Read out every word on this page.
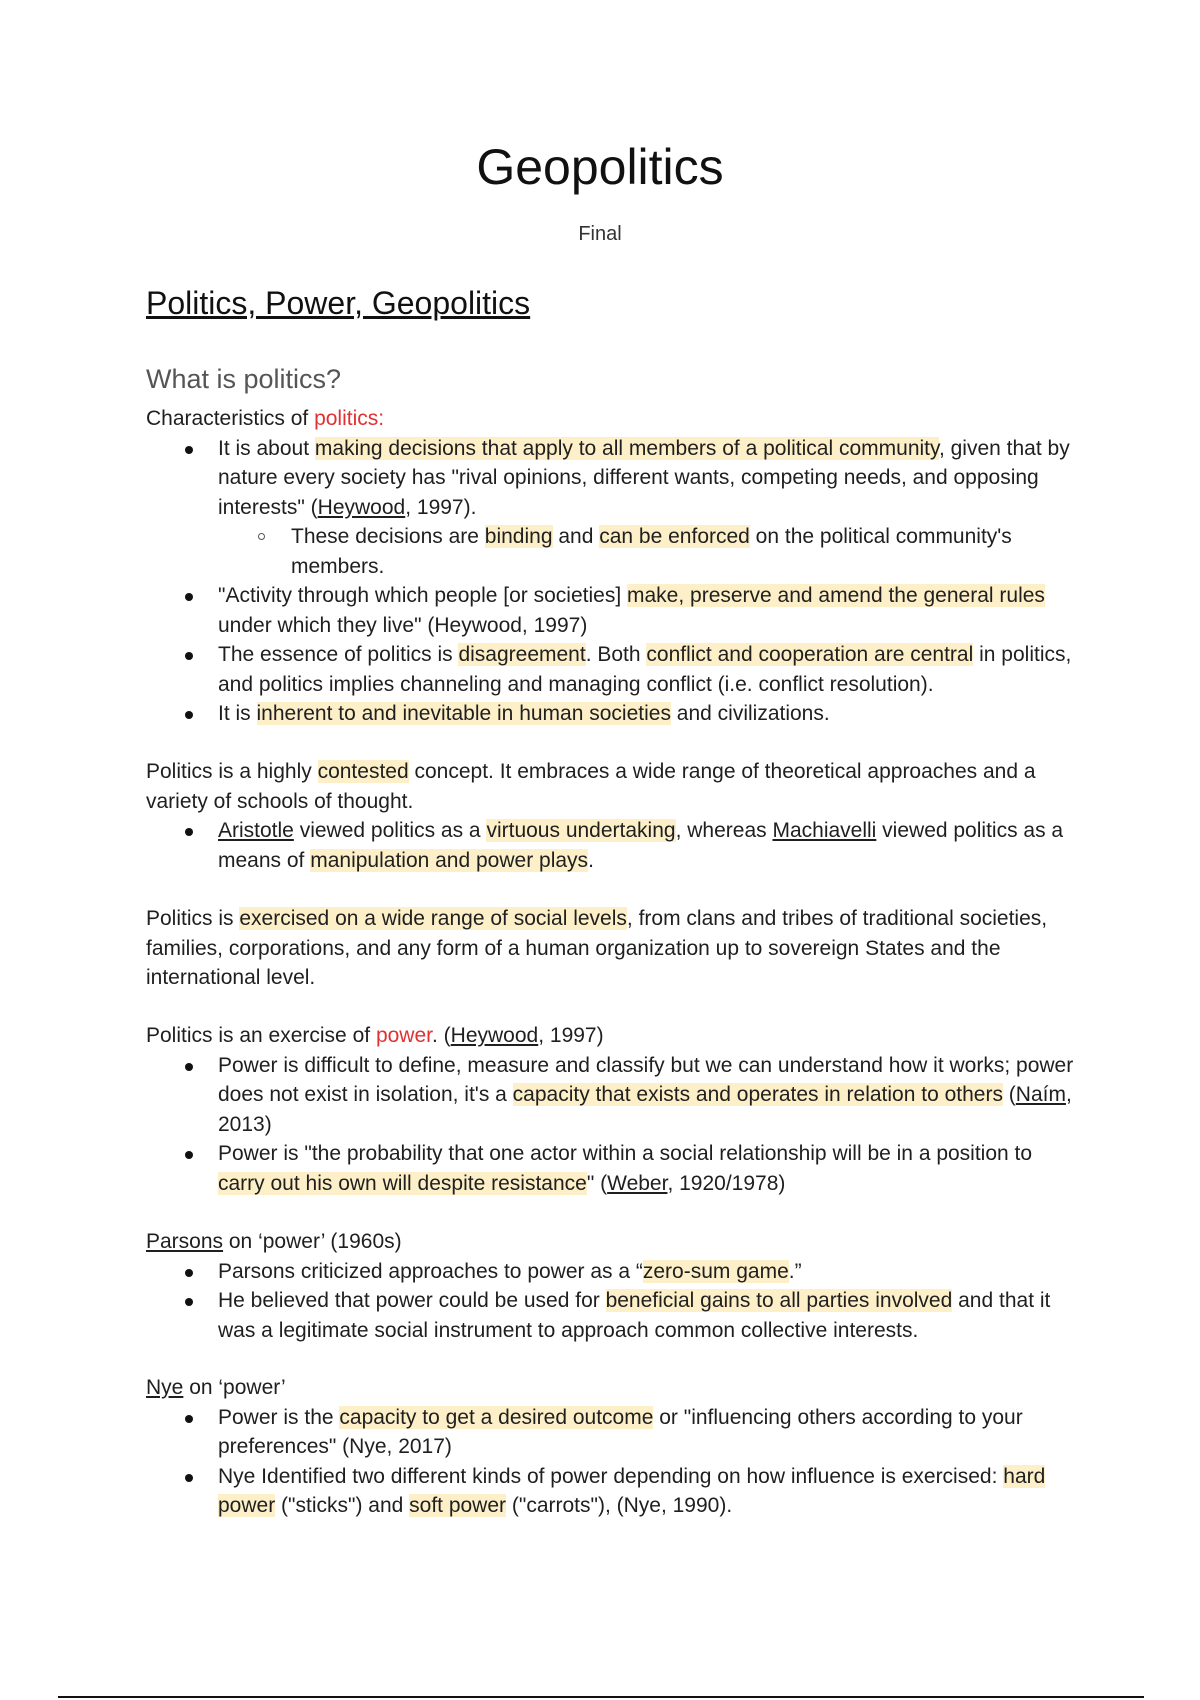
Geopolitics
Final
Politics, Power, Geopolitics
What is politics?
Characteristics of politics:
It is about making decisions that apply to all members of a political community, given that by nature every society has "rival opinions, different wants, competing needs, and opposing interests" (Heywood, 1997).
These decisions are binding and can be enforced on the political community's members.
"Activity through which people [or societies] make, preserve and amend the general rules under which they live" (Heywood, 1997)
The essence of politics is disagreement. Both conflict and cooperation are central in politics, and politics implies channeling and managing conflict (i.e. conflict resolution).
It is inherent to and inevitable in human societies and civilizations.
Politics is a highly contested concept. It embraces a wide range of theoretical approaches and a variety of schools of thought.
Aristotle viewed politics as a virtuous undertaking, whereas Machiavelli viewed politics as a means of manipulation and power plays.
Politics is exercised on a wide range of social levels, from clans and tribes of traditional societies, families, corporations, and any form of a human organization up to sovereign States and the international level.
Politics is an exercise of power. (Heywood, 1997)
Power is difficult to define, measure and classify but we can understand how it works; power does not exist in isolation, it's a capacity that exists and operates in relation to others (Naím, 2013)
Power is "the probability that one actor within a social relationship will be in a position to carry out his own will despite resistance" (Weber, 1920/1978)
Parsons on ‘power’ (1960s)
Parsons criticized approaches to power as a “zero-sum game.”
He believed that power could be used for beneficial gains to all parties involved and that it was a legitimate social instrument to approach common collective interests.
Nye on ‘power’
Power is the capacity to get a desired outcome or "influencing others according to your preferences" (Nye, 2017)
Nye Identified two different kinds of power depending on how influence is exercised: hard power ("sticks") and soft power ("carrots"), (Nye, 1990).
